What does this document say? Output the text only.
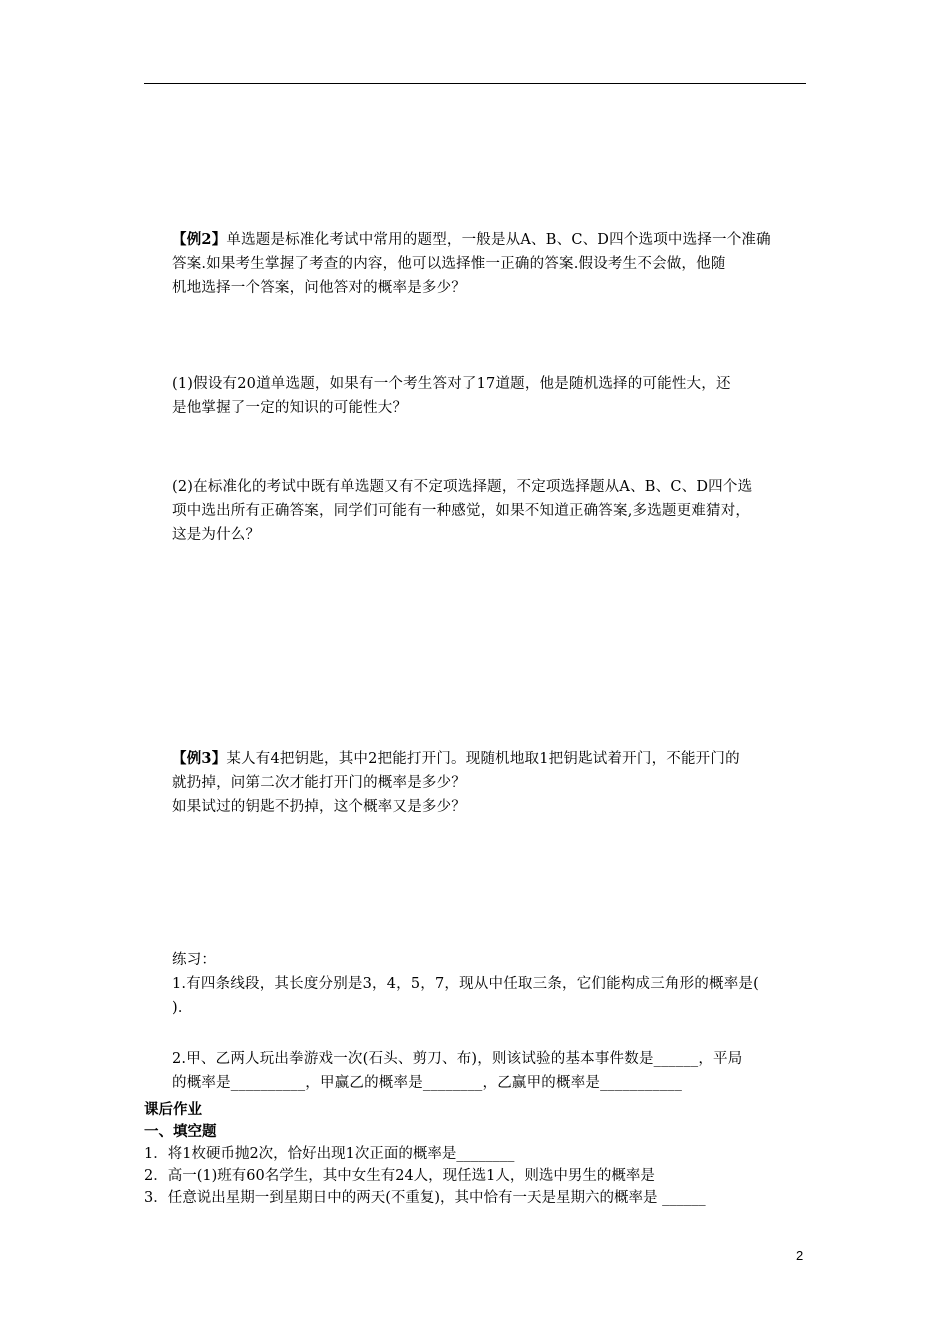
【例2】单选题是标准化考试中常用的题型，一般是从A、B、C、D四个选项中选择一个准确
答案.如果考生掌握了考查的内容，他可以选择惟一正确的答案.假设考生不会做，他随
机地选择一个答案，问他答对的概率是多少？
(1)假设有20道单选题，如果有一个考生答对了17道题，他是随机选择的可能性大，还
是他掌握了一定的知识的可能性大？
(2)在标准化的考试中既有单选题又有不定项选择题，不定项选择题从A、B、C、D四个选
项中选出所有正确答案，同学们可能有一种感觉，如果不知道正确答案,多选题更难猜对，
这是为什么？
【例3】某人有4把钥匙，其中2把能打开门。现随机地取1把钥匙试着开门，不能开门的
就扔掉，问第二次才能打开门的概率是多少？
如果试过的钥匙不扔掉，这个概率又是多少？
练习：
1.有四条线段，其长度分别是3，4，5，7，现从中任取三条，它们能构成三角形的概率是(
)．
2.甲、乙两人玩出拳游戏一次(石头、剪刀、布)，则该试验的基本事件数是______，平局
的概率是__________，甲赢乙的概率是________，乙赢甲的概率是___________
课后作业
一、填空题
1．将1枚硬币抛2次，恰好出现1次正面的概率是________
2．高一(1)班有60名学生，其中女生有24人，现任选1人，则选中男生的概率是
3．任意说出星期一到星期日中的两天(不重复)，其中恰有一天是星期六的概率是 ______
2
